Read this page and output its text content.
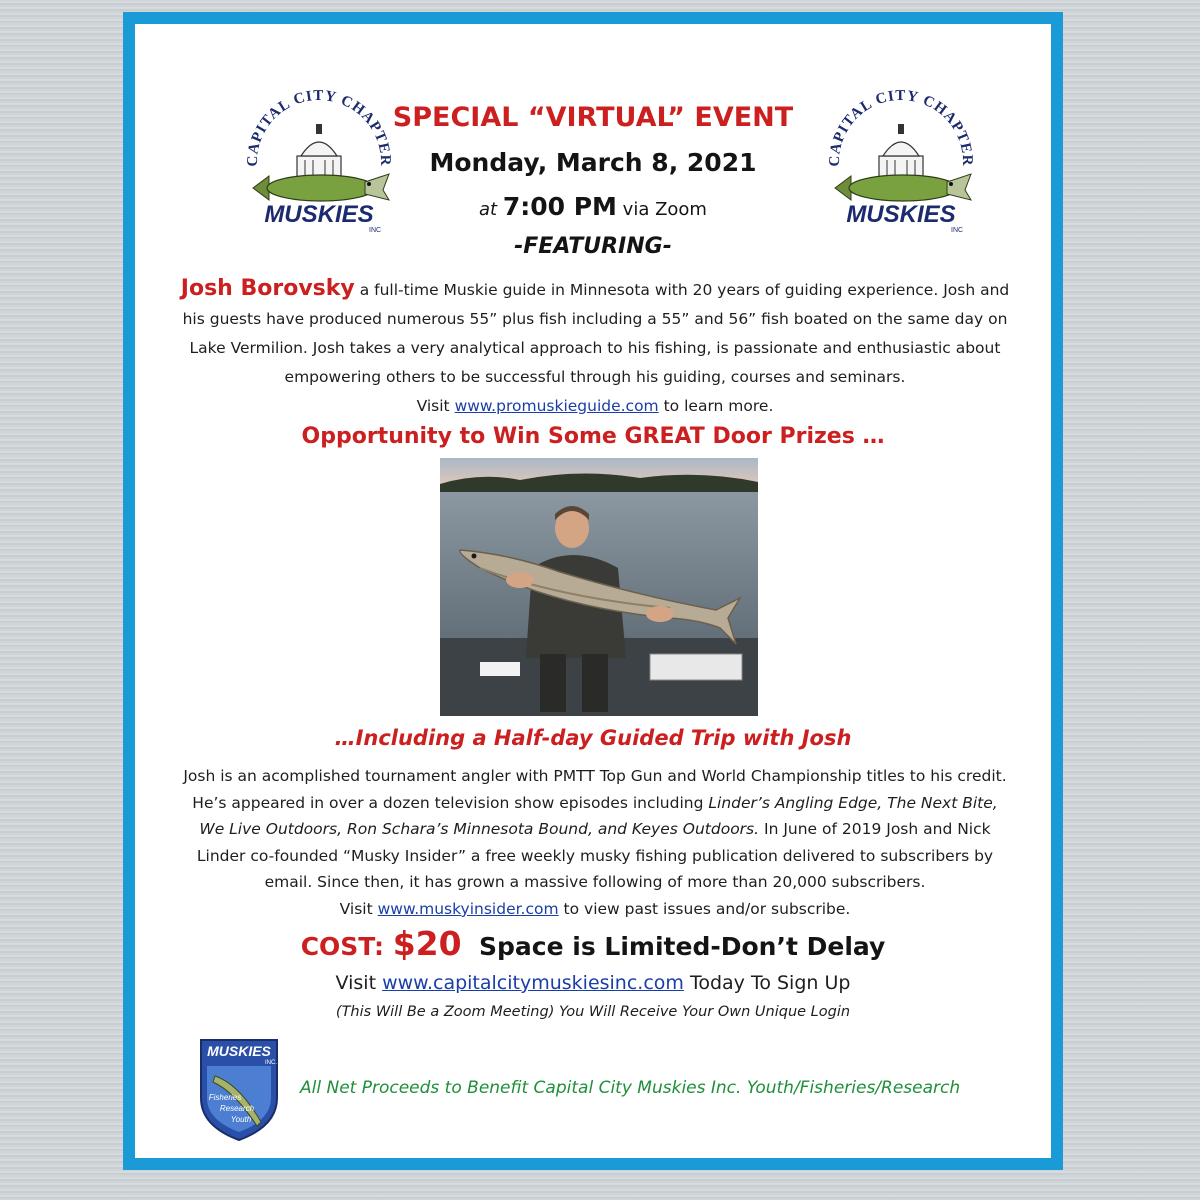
CAPITAL CITY CHAPTER
MUSKIES
INC
CAPITAL CITY CHAPTER
MUSKIES
INC
SPECIAL “VIRTUAL” EVENT
Monday, March 8, 2021
at 7:00 PM via Zoom
-FEATURING-
Josh Borovsky a full-time Muskie guide in Minnesota with 20 years of guiding experience. Josh and his guests have produced numerous 55” plus fish including a 55” and 56” fish boated on the same day on Lake Vermilion. Josh takes a very analytical approach to his fishing, is passionate and enthusiastic about empowering others to be successful through his guiding, courses and seminars.
Visit www.promuskieguide.com to learn more.
Opportunity to Win Some GREAT Door Prizes …
…Including a Half-day Guided Trip with Josh
Josh is an acomplished tournament angler with PMTT Top Gun and World Championship titles to his credit. He’s appeared in over a dozen television show episodes including Linder’s Angling Edge, The Next Bite,
We Live Outdoors, Ron Schara’s Minnesota Bound, and Keyes Outdoors. In June of 2019 Josh and Nick Linder co-founded “Musky Insider” a free weekly musky fishing publication delivered to subscribers by email. Since then, it has grown a massive following of more than 20,000 subscribers.
Visit www.muskyinsider.com to view past issues and/or subscribe.
COST: $20 Space is Limited-Don’t Delay
Visit www.capitalcitymuskiesinc.com Today To Sign Up
(This Will Be a Zoom Meeting) You Will Receive Your Own Unique Login
MUSKIES
INC.
Fisheries
Research
Youth
All Net Proceeds to Benefit Capital City Muskies Inc. Youth/Fisheries/Research
